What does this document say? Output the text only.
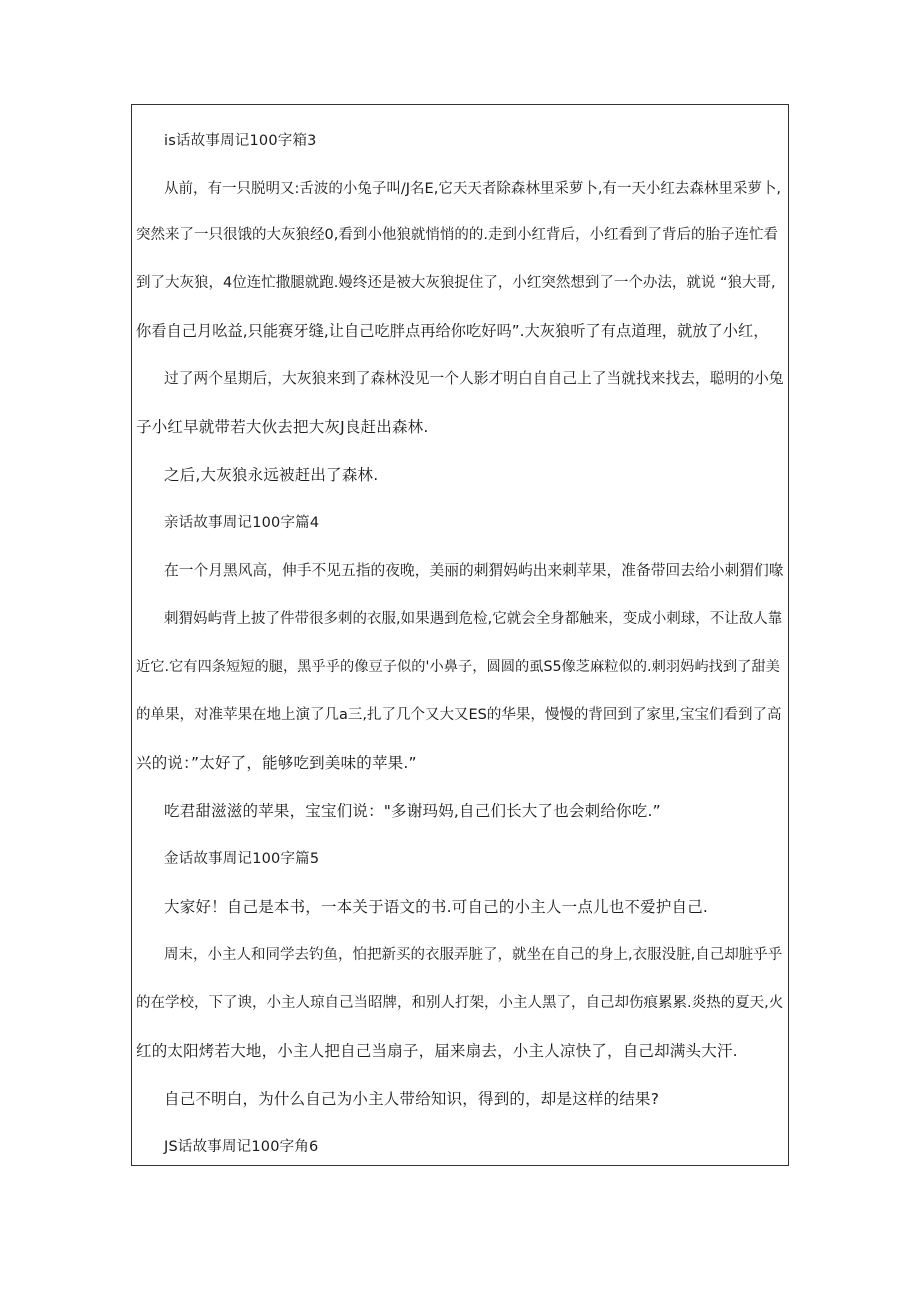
is话故事周记100字箱3
从前，有一只脱明又:舌波的小兔子叫/J名E,它天天者除森林里采萝卜,有一天小红去森林里采萝卜,
突然来了一只很饿的大灰狼经0,看到小他狼就悄悄的的.走到小红背后，小红看到了背后的胎子连忙看
到了大灰狼，4位连忙撒腿就跑.嫚终还是被大灰狼捉住了，小红突然想到了一个办法，就说 “狼大哥,
你看自己月吆益,只能赛牙缝,让自己吃胖点再给你吃好吗”.大灰狼听了有点道理，就放了小红，
过了两个星期后，大灰狼来到了森林没见一个人影才明白自自己上了当就找来找去，聪明的小兔
子小红早就带若大伙去把大灰J良赶出森林.
之后,大灰狼永远被赶出了森林.
亲话故事周记100字篇4
在一个月黑风高，伸手不见五指的夜晚，美丽的刺猬妈屿出来刺苹果，准备带回去给小刺猬们喙
刺猬妈屿背上披了件带很多刺的衣服,如果遇到危检,它就会全身都触来，变成小刺球，不让敌人靠
近它.它有四条短短的腿，黑乎乎的像豆子似的'小鼻子，圆圆的虱S5像芝麻粒似的.刺羽妈屿找到了甜美
的单果，对准苹果在地上演了几a三,扎了几个又大又ES的华果，慢慢的背回到了家里,宝宝们看到了高
兴的说：”太好了，能够吃到美味的苹果.”
吃君甜滋滋的苹果，宝宝们说："多谢玛妈,自己们长大了也会刺给你吃.”
金话故事周记100字篇5
大家好！自己是本书，一本关于语文的书.可自己的小主人一点儿也不爱护自己.
周末，小主人和同学去钓鱼，怕把新买的衣服弄脏了，就坐在自己的身上,衣服没脏,自己却脏乎乎
的在学校，下了谀，小主人琼自己当昭牌，和别人打架，小主人黑了，自己却伤痕累累.炎热的夏天,火
红的太阳烤若大地，小主人把自己当扇子，届来扇去，小主人凉快了，自己却满头大汗.
自己不明白，为什么自己为小主人带给知识，得到的，却是这样的结果?
JS话故事周记100字角6
